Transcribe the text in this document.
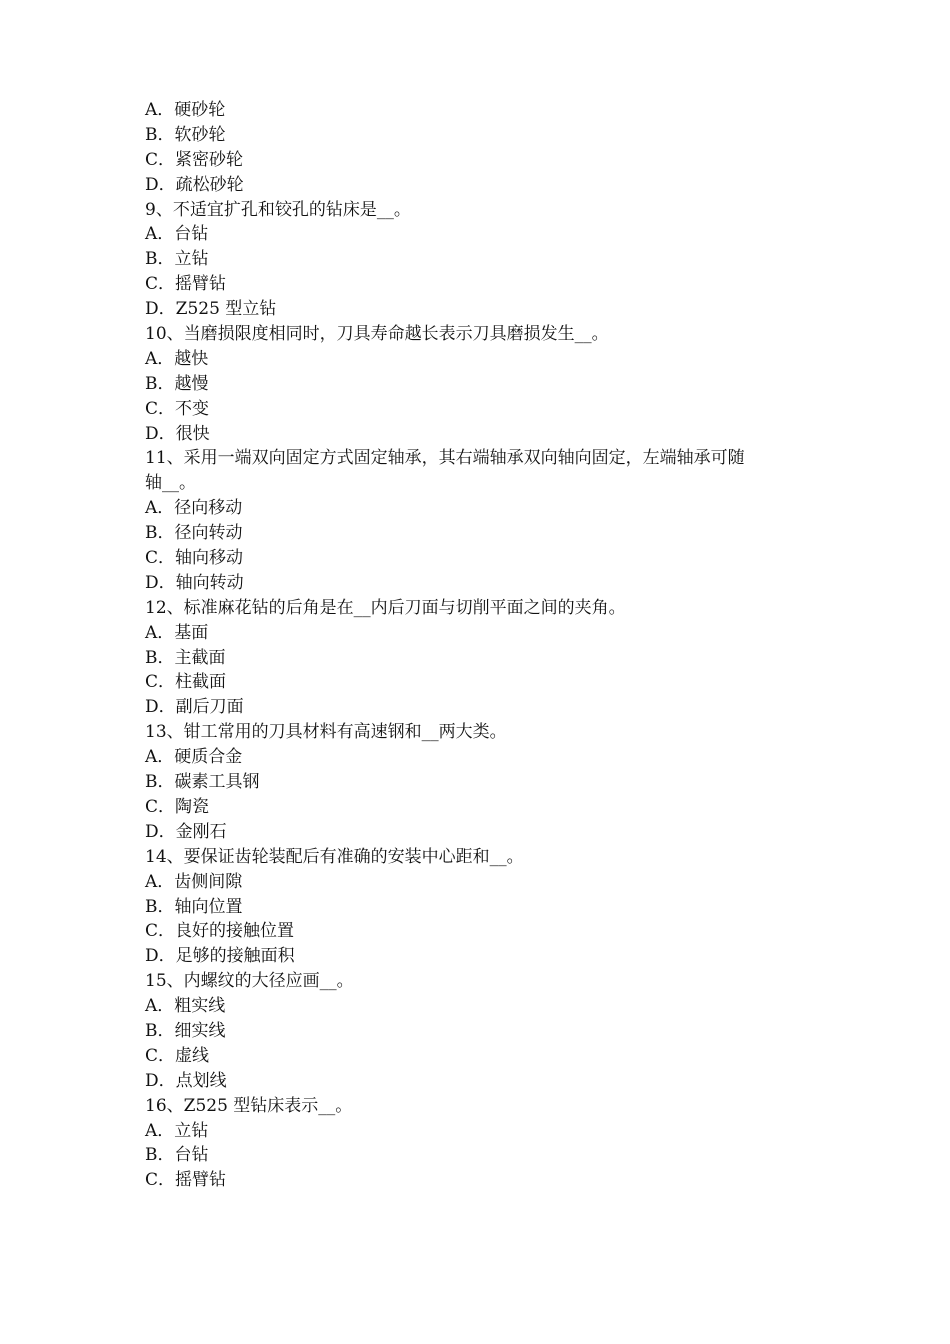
A．硬砂轮

B．软砂轮

C．紧密砂轮

D．疏松砂轮

9、不适宜扩孔和铰孔的钻床是__。

A．台钻

B．立钻

C．摇臂钻

D．Z525 型立钻

10、当磨损限度相同时，刀具寿命越长表示刀具磨损发生__。

A．越快

B．越慢

C．不变

D．很快

11、采用一端双向固定方式固定轴承，其右端轴承双向轴向固定，左端轴承可随

轴__。

A．径向移动

B．径向转动

C．轴向移动

D．轴向转动

12、标准麻花钻的后角是在__内后刀面与切削平面之间的夹角。

A．基面

B．主截面

C．柱截面

D．副后刀面

13、钳工常用的刀具材料有高速钢和__两大类。

A．硬质合金

B．碳素工具钢

C．陶瓷

D．金刚石

14、要保证齿轮装配后有准确的安装中心距和__。

A．齿侧间隙

B．轴向位置

C．良好的接触位置

D．足够的接触面积

15、内螺纹的大径应画__。

A．粗实线

B．细实线

C．虚线

D．点划线

16、Z525 型钻床表示__。

A．立钻

B．台钻

C．摇臂钻
